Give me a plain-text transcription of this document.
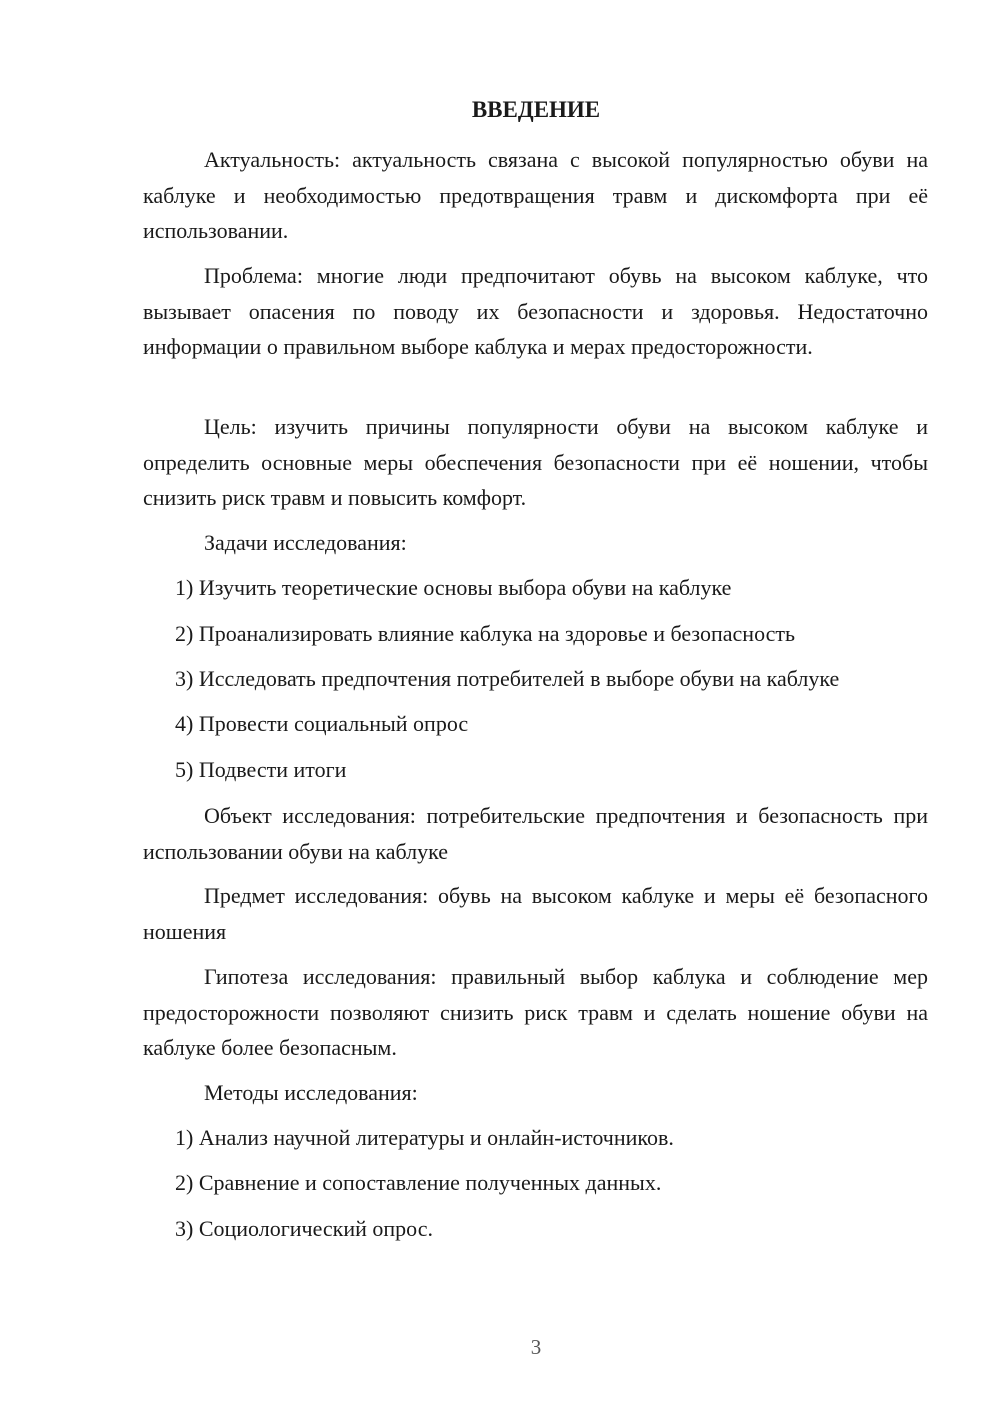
ВВЕДЕНИЕ

Актуальность: актуальность связана с высокой популярностью обуви на каблуке и необходимостью предотвращения травм и дискомфорта при её использовании.

Проблема: многие люди предпочитают обувь на высоком каблуке, что вызывает опасения по поводу их безопасности и здоровья. Недостаточно информации о правильном выборе каблука и мерах предосторожности.

Цель: изучить причины популярности обуви на высоком каблуке и определить основные меры обеспечения безопасности при её ношении, чтобы снизить риск травм и повысить комфорт.

Задачи исследования:

1) Изучить теоретические основы выбора обуви на каблуке

2) Проанализировать влияние каблука на здоровье и безопасность

3) Исследовать предпочтения потребителей в выборе обуви на каблуке

4) Провести социальный опрос

5) Подвести итоги

Объект исследования: потребительские предпочтения и безопасность при использовании обуви на каблуке

Предмет исследования: обувь на высоком каблуке и меры её безопасного ношения

Гипотеза исследования: правильный выбор каблука и соблюдение мер предосторожности позволяют снизить риск травм и сделать ношение обуви на каблуке более безопасным.

Методы исследования:

1) Анализ научной литературы и онлайн-источников.

2) Сравнение и сопоставление полученных данных.

3) Социологический опрос.

3
